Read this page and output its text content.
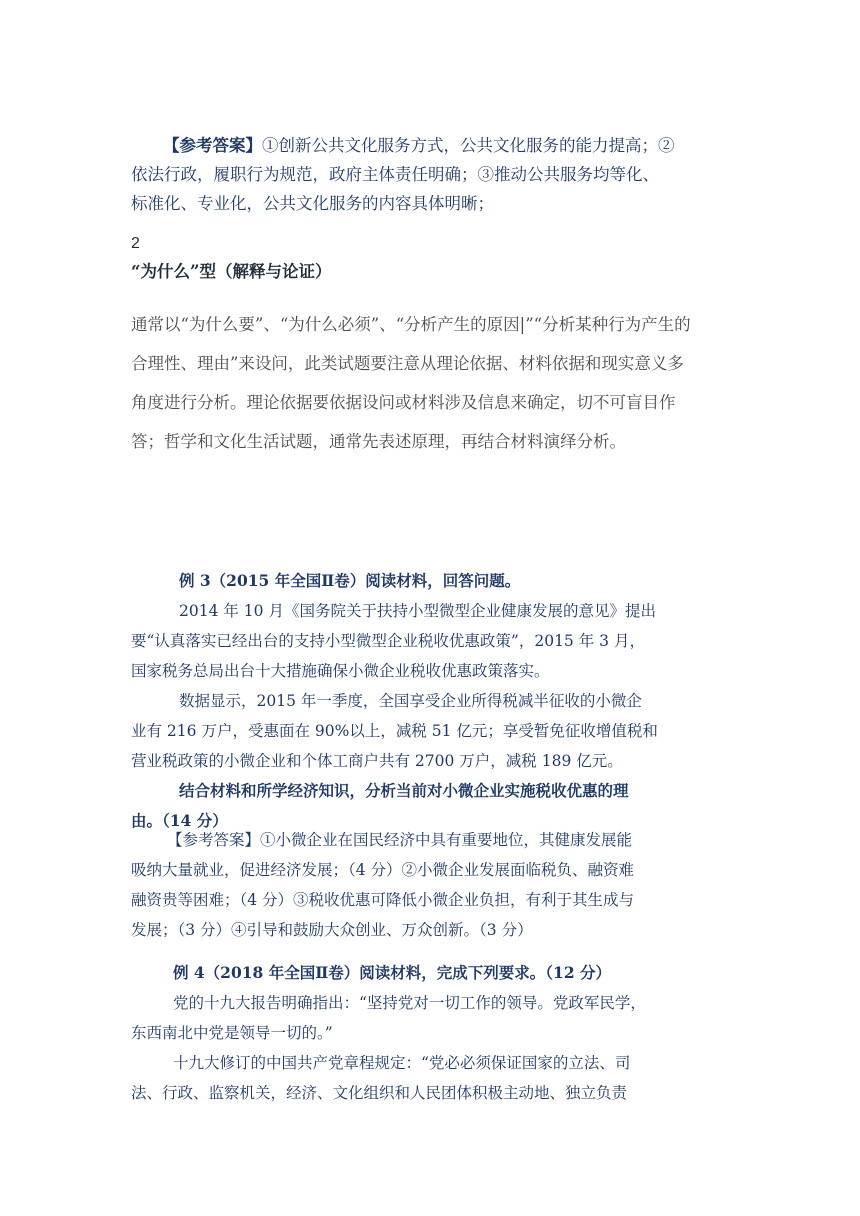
【参考答案】①创新公共文化服务方式，公共文化服务的能力提高；②

依法行政，履职行为规范，政府主体责任明确；③推动公共服务均等化、

标准化、专业化，公共文化服务的内容具体明晰；

2
“为什么”型（解释与论证）

通常以“为什么要”、“为什么必须”、“分析产生的原因|”“分析某种行为产生的

合理性、理由”来设问，此类试题要注意从理论依据、材料依据和现实意义多

角度进行分析。理论依据要依据设问或材料涉及信息来确定，切不可盲目作

答；哲学和文化生活试题，通常先表述原理，再结合材料演绎分析。

例 3（2015 年全国Ⅱ卷）阅读材料，回答问题。

2014 年 10 月《国务院关于扶持小型微型企业健康发展的意见》提出

要“认真落实已经出台的支持小型微型企业税收优惠政策”，2015 年 3 月，

国家税务总局出台十大措施确保小微企业税收优惠政策落实。

数据显示，2015 年一季度，全国享受企业所得税减半征收的小微企

业有 216 万户，受惠面在 90%以上，减税 51 亿元；享受暂免征收增值税和

营业税政策的小微企业和个体工商户共有 2700 万户，减税 189 亿元。

结合材料和所学经济知识，分析当前对小微企业实施税收优惠的理

由。（14 分）

【参考答案】①小微企业在国民经济中具有重要地位，其健康发展能

吸纳大量就业，促进经济发展；（4 分）②小微企业发展面临税负、融资难

融资贵等困难；（4 分）③税收优惠可降低小微企业负担，有利于其生成与

发展；（3 分）④引导和鼓励大众创业、万众创新。（3 分）

例 4（2018 年全国Ⅱ卷）阅读材料，完成下列要求。（12 分）

党的十九大报告明确指出：“坚持党对一切工作的领导。党政军民学，

东西南北中党是领导一切的。”

十九大修订的中国共产党章程规定：“党必必须保证国家的立法、司

法、行政、监察机关，经济、文化组织和人民团体积极主动地、独立负责
